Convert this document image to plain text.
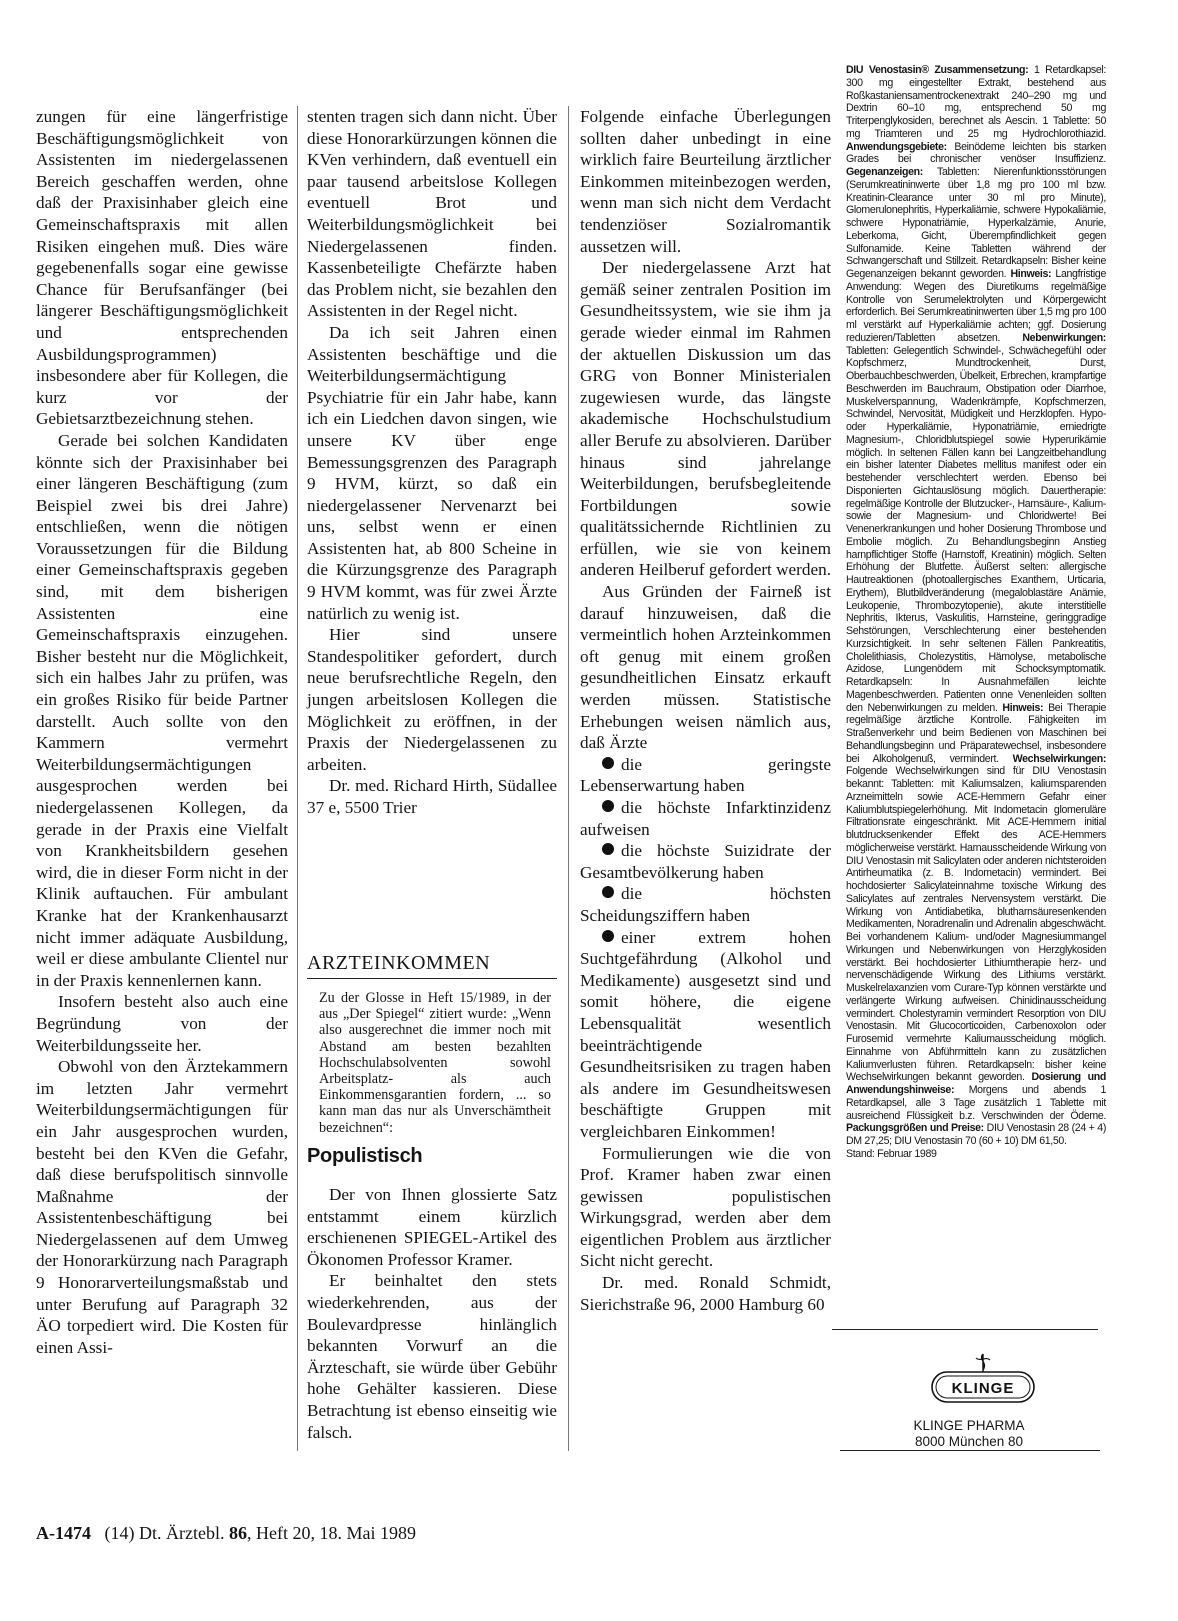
zungen für eine längerfristige Beschäftigungsmöglichkeit von Assistenten im niedergelassenen Bereich geschaffen werden, ohne daß der Praxisinhaber gleich eine Gemeinschaftspraxis mit allen Risiken eingehen muß. Dies wäre gegebenenfalls sogar eine gewisse Chance für Berufsanfänger (bei längerer Beschäftigungsmöglichkeit und entsprechenden Ausbildungsprogrammen) insbesondere aber für Kollegen, die kurz vor der Gebietsarztbezeichnung stehen.

Gerade bei solchen Kandidaten könnte sich der Praxisinhaber bei einer längeren Beschäftigung (zum Beispiel zwei bis drei Jahre) entschließen, wenn die nötigen Voraussetzungen für die Bildung einer Gemeinschaftspraxis gegeben sind, mit dem bisherigen Assistenten eine Gemeinschaftspraxis einzugehen. Bisher besteht nur die Möglichkeit, sich ein halbes Jahr zu prüfen, was ein großes Risiko für beide Partner darstellt. Auch sollte von den Kammern vermehrt Weiterbildungsermächtigungen ausgesprochen werden bei niedergelassenen Kollegen, da gerade in der Praxis eine Vielfalt von Krankheitsbildern gesehen wird, die in dieser Form nicht in der Klinik auftauchen. Für ambulant Kranke hat der Krankenhausarzt nicht immer adäquate Ausbildung, weil er diese ambulante Clientel nur in der Praxis kennenlernen kann.

Insofern besteht also auch eine Begründung von der Weiterbildungsseite her.

Obwohl von den Ärztekammern im letzten Jahr vermehrt Weiterbildungsermächtigungen für ein Jahr ausgesprochen wurden, besteht bei den KVen die Gefahr, daß diese berufspolitisch sinnvolle Maßnahme der Assistentenbeschäftigung bei Niedergelassenen auf dem Umweg der Honorarkürzung nach Paragraph 9 Honorarverteilungsmaßstab und unter Berufung auf Paragraph 32 ÄO torpediert wird. Die Kosten für einen Assi-

stenten tragen sich dann nicht. Über diese Honorarkürzungen können die KVen verhindern, daß eventuell ein paar tausend arbeitslose Kollegen eventuell Brot und Weiterbildungsmöglichkeit bei Niedergelassenen finden. Kassenbeteiligte Chefärzte haben das Problem nicht, sie bezahlen den Assistenten in der Regel nicht.

Da ich seit Jahren einen Assistenten beschäftige und die Weiterbildungsermächtigung Psychiatrie für ein Jahr habe, kann ich ein Liedchen davon singen, wie unsere KV über enge Bemessungsgrenzen des Paragraph 9 HVM, kürzt, so daß ein niedergelassener Nervenarzt bei uns, selbst wenn er einen Assistenten hat, ab 800 Scheine in die Kürzungsgrenze des Paragraph 9 HVM kommt, was für zwei Ärzte natürlich zu wenig ist.

Hier sind unsere Standespolitiker gefordert, durch neue berufsrechtliche Regeln, den jungen arbeitslosen Kollegen die Möglichkeit zu eröffnen, in der Praxis der Niedergelassenen zu arbeiten.

Dr. med. Richard Hirth, Südallee 37 e, 5500 Trier

ARZTEINKOMMEN

Zu der Glosse in Heft 15/1989, in der aus „Der Spiegel“ zitiert wurde: „Wenn also ausgerechnet die immer noch mit Abstand am besten bezahlten Hochschulabsolventen sowohl Arbeitsplatz- als auch Einkommensgarantien fordern, ... so kann man das nur als Unverschämtheit bezeichnen“:

Populistisch

Der von Ihnen glossierte Satz entstammt einem kürzlich erschienenen SPIEGEL-Artikel des Ökonomen Professor Kramer.

Er beinhaltet den stets wiederkehrenden, aus der Boulevardpresse hinlänglich bekannten Vorwurf an die Ärzteschaft, sie würde über Gebühr hohe Gehälter kassieren. Diese Betrachtung ist ebenso einseitig wie falsch.

Folgende einfache Überlegungen sollten daher unbedingt in eine wirklich faire Beurteilung ärztlicher Einkommen miteinbezogen werden, wenn man sich nicht dem Verdacht tendenziöser Sozialromantik aussetzen will.

Der niedergelassene Arzt hat gemäß seiner zentralen Position im Gesundheitssystem, wie sie ihm ja gerade wieder einmal im Rahmen der aktuellen Diskussion um das GRG von Bonner Ministerialen zugewiesen wurde, das längste akademische Hochschulstudium aller Berufe zu absolvieren. Darüber hinaus sind jahrelange Weiterbildungen, berufsbegleitende Fortbildungen sowie qualitätssichernde Richtlinien zu erfüllen, wie sie von keinem anderen Heilberuf gefordert werden.

Aus Gründen der Fairneß ist darauf hinzuweisen, daß die vermeintlich hohen Arzteinkommen oft genug mit einem großen gesundheitlichen Einsatz erkauft werden müssen. Statistische Erhebungen weisen nämlich aus, daß Ärzte

die geringste Lebenserwartung haben

die höchste Infarktinzidenz aufweisen

die höchste Suizidrate der Gesamtbevölkerung haben

die höchsten Scheidungsziffern haben

einer extrem hohen Suchtgefährdung (Alkohol und Medikamente) ausgesetzt sind und somit höhere, die eigene Lebensqualität wesentlich beeinträchtigende Gesundheitsrisiken zu tragen haben als andere im Gesundheitswesen beschäftigte Gruppen mit vergleichbaren Einkommen!

Formulierungen wie die von Prof. Kramer haben zwar einen gewissen populistischen Wirkungsgrad, werden aber dem eigentlichen Problem aus ärztlicher Sicht nicht gerecht.

Dr. med. Ronald Schmidt, Sierichstraße 96, 2000 Hamburg 60

DIU Venostasin® Zusammensetzung: 1 Retardkapsel: 300 mg eingestellter Extrakt, bestehend aus Roßkastaniensamentrockenextrakt 240–290 mg und Dextrin 60–10 mg, entsprechend 50 mg Triterpenglykosiden, berechnet als Aescin. 1 Tablette: 50 mg Triamteren und 25 mg Hydrochlorothiazid. Anwendungsgebiete: Beinödeme leichten bis starken Grades bei chronischer venöser Insuffizienz. Gegenanzeigen: Tabletten: Nierenfunktionsstörungen (Serumkreatininwerte über 1,8 mg pro 100 ml bzw. Kreatinin-Clearance unter 30 ml pro Minute), Glomerulonephritis, Hyperkaliämie, schwere Hypokaliämie, schwere Hyponatriämie, Hyperkalzämie, Anurie, Leberkoma, Gicht, Überempfindlichkeit gegen Sulfonamide. Keine Tabletten während der Schwangerschaft und Stillzeit. Retardkapseln: Bisher keine Gegenanzeigen bekannt geworden. Hinweis: Langfristige Anwendung: Wegen des Diuretikums regelmäßige Kontrolle von Serumelektrolyten und Körpergewicht erforderlich. Bei Serumkreatininwerten über 1,5 mg pro 100 ml verstärkt auf Hyperkaliämie achten; ggf. Dosierung reduzieren/Tabletten absetzen. Nebenwirkungen: Tabletten: Gelegentlich Schwindel-, Schwächegefühl oder Kopfschmerz, Mundtrockenheit, Durst, Oberbauchbeschwerden, Übelkeit, Erbrechen, krampfartige Beschwerden im Bauchraum, Obstipation oder Diarrhoe, Muskelverspannung, Wadenkrämpfe, Kopfschmerzen, Schwindel, Nervosität, Müdigkeit und Herzklopfen. Hypo- oder Hyperkaliämie, Hyponatriämie, erniedrigte Magnesium-, Chloridblutspiegel sowie Hyperurikämie möglich. In seltenen Fällen kann bei Langzeitbehandlung ein bisher latenter Diabetes mellitus manifest oder ein bestehender verschlechtert werden. Ebenso bei Disponierten Gichtauslösung möglich. Dauertherapie: regelmäßige Kontrolle der Blutzucker-, Harnsäure-, Kalium- sowie der Magnesium- und Chloridwerte! Bei Venenerkrankungen und hoher Dosierung Thrombose und Embolie möglich. Zu Behandlungsbeginn Anstieg harnpflichtiger Stoffe (Harnstoff, Kreatinin) möglich. Selten Erhöhung der Blutfette. Äußerst selten: allergische Hautreaktionen (photoallergisches Exanthem, Urticaria, Erythem), Blutbildveränderung (megaloblastäre Anämie, Leukopenie, Thrombozytopenie), akute interstitielle Nephritis, Ikterus, Vaskulitis, Harnsteine, geringgradige Sehstörungen, Verschlechterung einer bestehenden Kurzsichtigkeit. In sehr seltenen Fällen Pankreatitis, Cholelithiasis, Cholezystitis, Hämolyse, metabolische Azidose, Lungenödem mit Schocksymptomatik. Retardkapseln: In Ausnahmefällen leichte Magenbeschwerden. Patienten onne Venenleiden sollten den Nebenwirkungen zu melden. Hinweis: Bei Therapie regelmäßige ärztliche Kontrolle. Fähigkeiten im Straßenverkehr und beim Bedienen von Maschinen bei Behandlungsbeginn und Präparatewechsel, insbesondere bei Alkoholgenuß, vermindert. Wechselwirkungen: Folgende Wechselwirkungen sind für DIU Venostasin bekannt: Tabletten: mit Kaliumsalzen, kaliumsparenden Arzneimitteln sowie ACE-Hemmern Gefahr einer Kaliumblutspiegelerhöhung. Mit Indometacin glomeruläre Filtrationsrate eingeschränkt. Mit ACE-Hemmern initial blutdrucksenkender Effekt des ACE-Hemmers möglicherweise verstärkt. Harnausscheidende Wirkung von DIU Venostasin mit Salicylaten oder anderen nichtsteroiden Antirheumatika (z. B. Indometacin) vermindert. Bei hochdosierter Salicylateinnahme toxische Wirkung des Salicylates auf zentrales Nervensystem verstärkt. Die Wirkung von Antidiabetika, blutharnsäuresenkenden Medikamenten, Noradrenalin und Adrenalin abgeschwächt. Bei vorhandenem Kalium- und/oder Magnesiummangel Wirkungen und Nebenwirkungen von Herzglykosiden verstärkt. Bei hochdosierter Lithiumtherapie herz- und nervenschädigende Wirkung des Lithiums verstärkt. Muskelrelaxanzien vom Curare-Typ können verstärkte und verlängerte Wirkung aufweisen. Chinidinausscheidung vermindert. Cholestyramin vermindert Resorption von DIU Venostasin. Mit Glucocorticoiden, Carbenoxolon oder Furosemid vermehrte Kaliumausscheidung möglich. Einnahme von Abführmitteln kann zu zusätzlichen Kaliumverlusten führen. Retardkapseln: bisher keine Wechselwirkungen bekannt geworden. Dosierung und Anwendungshinweise: Morgens und abends 1 Retardkapsel, alle 3 Tage zusätzlich 1 Tablette mit ausreichend Flüssigkeit b.z. Verschwinden der Ödeme. Packungsgrößen und Preise: DIU Venostasin 28 (24 + 4) DM 27,25; DIU Venostasin 70 (60 + 10) DM 61,50.
Stand: Februar 1989

KLINGE
KLINGE PHARMA
8000 München 80
A-1474 (14) Dt. Ärztebl. 86, Heft 20, 18. Mai 1989
